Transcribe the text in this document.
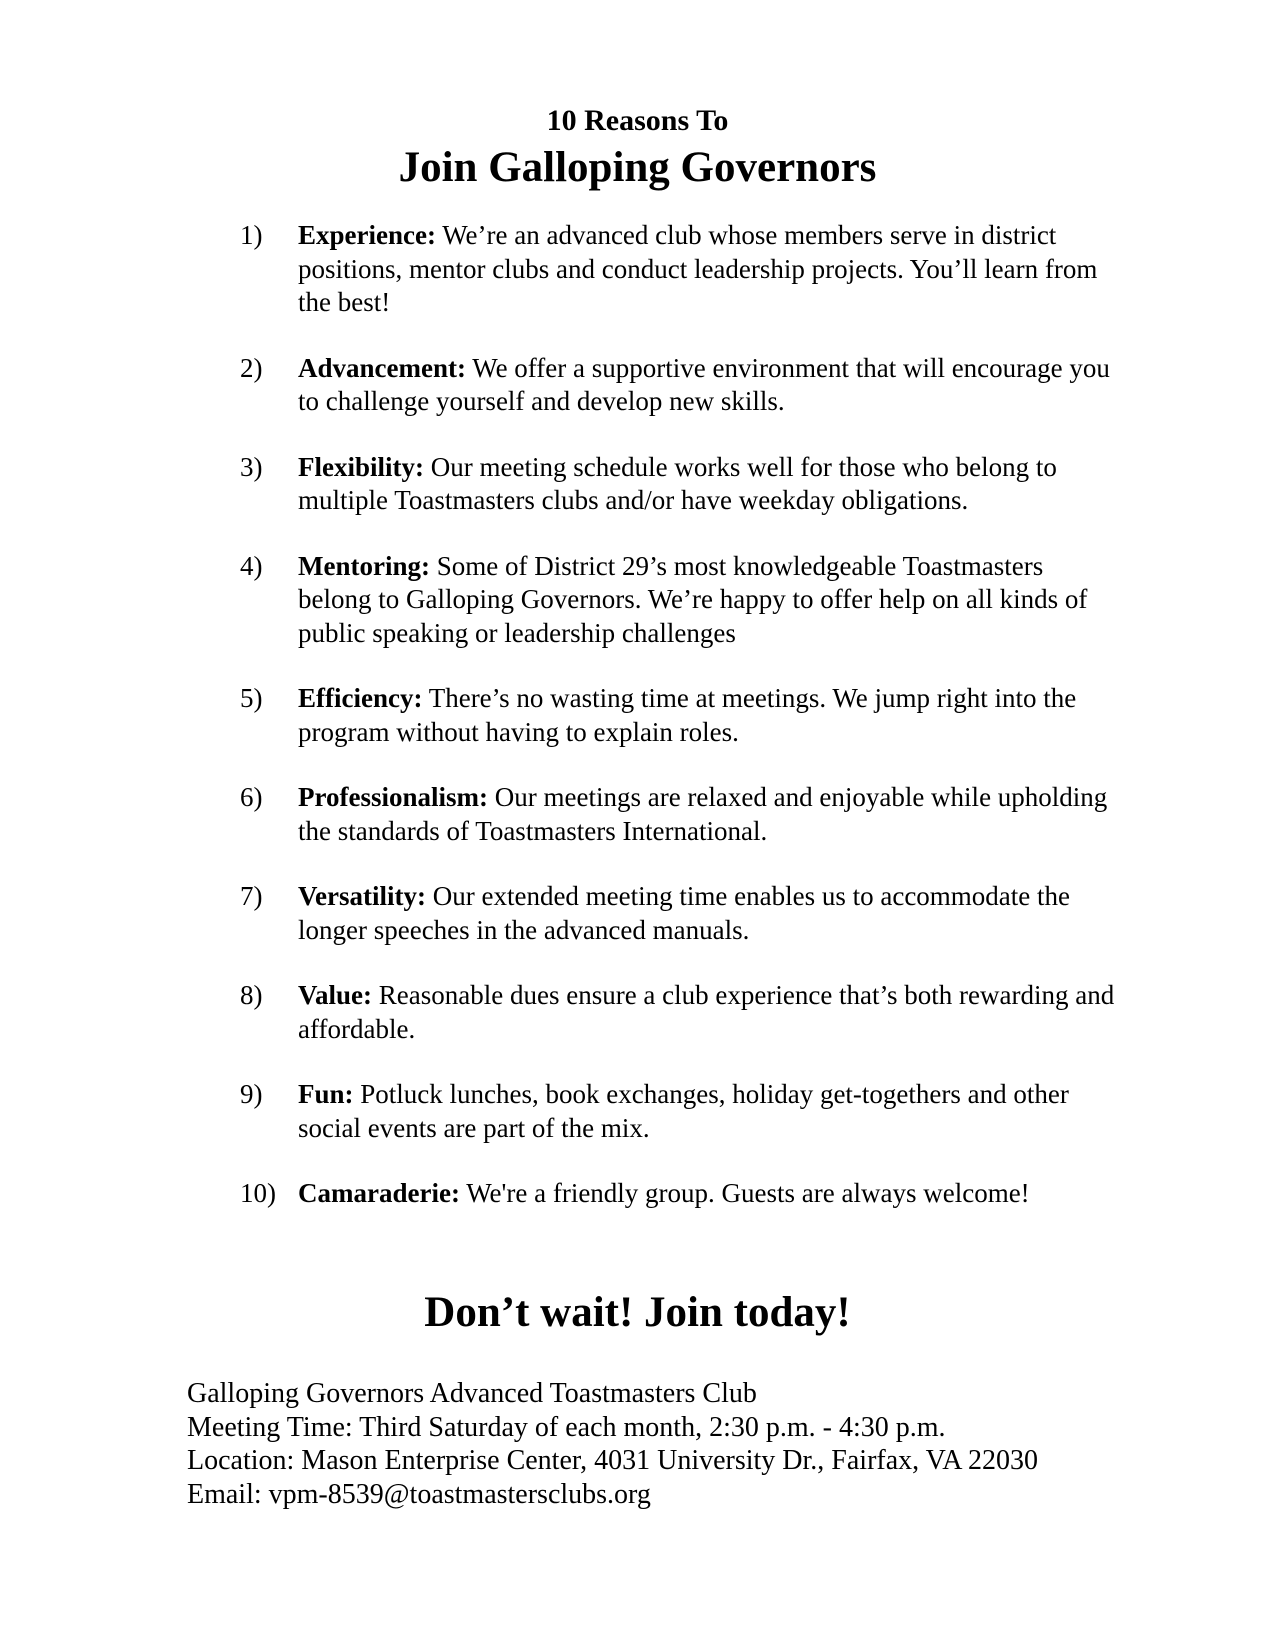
10 Reasons To
Join Galloping Governors
1) Experience: We’re an advanced club whose members serve in district positions, mentor clubs and conduct leadership projects. You’ll learn from the best!
2) Advancement: We offer a supportive environment that will encourage you to challenge yourself and develop new skills.
3) Flexibility: Our meeting schedule works well for those who belong to multiple Toastmasters clubs and/or have weekday obligations.
4) Mentoring: Some of District 29’s most knowledgeable Toastmasters belong to Galloping Governors. We’re happy to offer help on all kinds of public speaking or leadership challenges
5) Efficiency: There’s no wasting time at meetings. We jump right into the program without having to explain roles.
6) Professionalism: Our meetings are relaxed and enjoyable while upholding the standards of Toastmasters International.
7) Versatility: Our extended meeting time enables us to accommodate the longer speeches in the advanced manuals.
8) Value: Reasonable dues ensure a club experience that’s both rewarding and affordable.
9) Fun: Potluck lunches, book exchanges, holiday get-togethers and other social events are part of the mix.
10) Camaraderie: We're a friendly group. Guests are always welcome!
Don’t wait! Join today!
Galloping Governors Advanced Toastmasters Club
Meeting Time: Third Saturday of each month, 2:30 p.m. - 4:30 p.m.
Location: Mason Enterprise Center, 4031 University Dr., Fairfax, VA 22030
Email: vpm-8539@toastmastersclubs.org
